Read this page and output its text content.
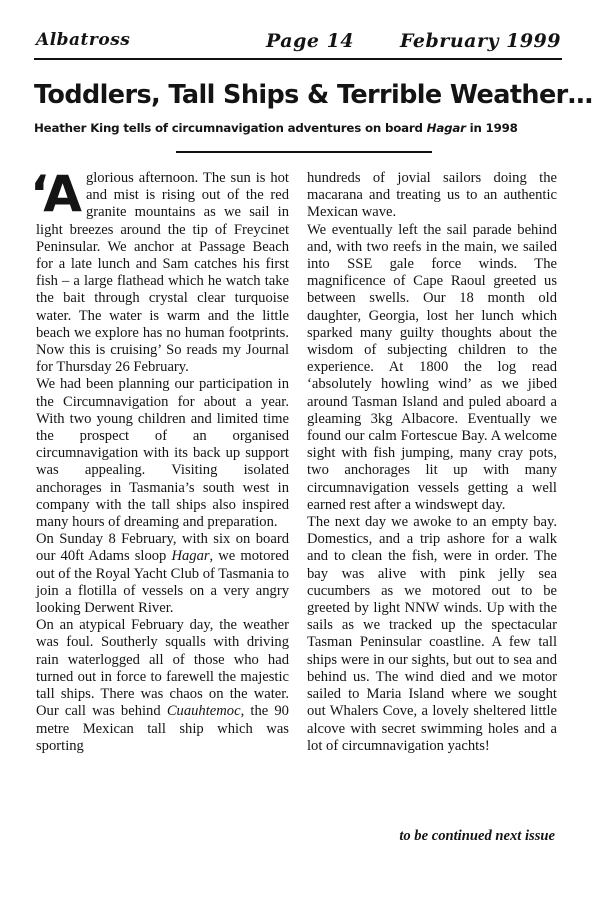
Albatross	Page 14 February 1999
Toddlers, Tall Ships & Terrible Weather…

Heather King tells of circumnavigation adventures on board Hagar in 1998

‘Aglorious afternoon. The sun is hot and mist is rising out of the red granite mountains as we sail in light breezes around the tip of Freycinet Peninsular. We anchor at Passage Beach for a late lunch and Sam catches his first fish – a large flathead which he watch take the bait through crystal clear turquoise water. The water is warm and the little beach we explore has no human footprints. Now this is cruising’ So reads my Journal for Thursday 26 February.

We had been planning our participation in the Circumnavigation for about a year. With two young children and limited time the prospect of an organised circumnavigation with its back up support was appealing. Visiting isolated anchorages in Tasmania’s south west in company with the tall ships also inspired many hours of dreaming and preparation.

On Sunday 8 February, with six on board our 40ft Adams sloop Hagar, we motored out of the Royal Yacht Club of Tasmania to join a flotilla of vessels on a very angry looking Derwent River.

On an atypical February day, the weather was foul. Southerly squalls with driving rain waterlogged all of those who had turned out in force to farewell the majestic tall ships. There was chaos on the water. Our call was behind Cuauhtemoc, the 90 metre Mexican tall ship which was sporting

hundreds of jovial sailors doing the macarana and treating us to an authentic Mexican wave.

We eventually left the sail parade behind and, with two reefs in the main, we sailed into SSE gale force winds. The magnificence of Cape Raoul greeted us between swells. Our 18 month old daughter, Georgia, lost her lunch which sparked many guilty thoughts about the wisdom of subjecting children to the experience. At 1800 the log read ‘absolutely howling wind’ as we jibed around Tasman Island and puled aboard a gleaming 3kg Albacore. Eventually we found our calm Fortescue Bay. A welcome sight with fish jumping, many cray pots, two anchorages lit up with many circumnavigation vessels getting a well earned rest after a windswept day.

The next day we awoke to an empty bay. Domestics, and a trip ashore for a walk and to clean the fish, were in order. The bay was alive with pink jelly sea cucumbers as we motored out to be greeted by light NNW winds. Up with the sails as we tracked up the spectacular Tasman Peninsular coastline. A few tall ships were in our sights, but out to sea and behind us. The wind died and we motor sailed to Maria Island where we sought out Whalers Cove, a lovely sheltered little alcove with secret swimming holes and a lot of circumnavigation yachts!

to be continued next issue
